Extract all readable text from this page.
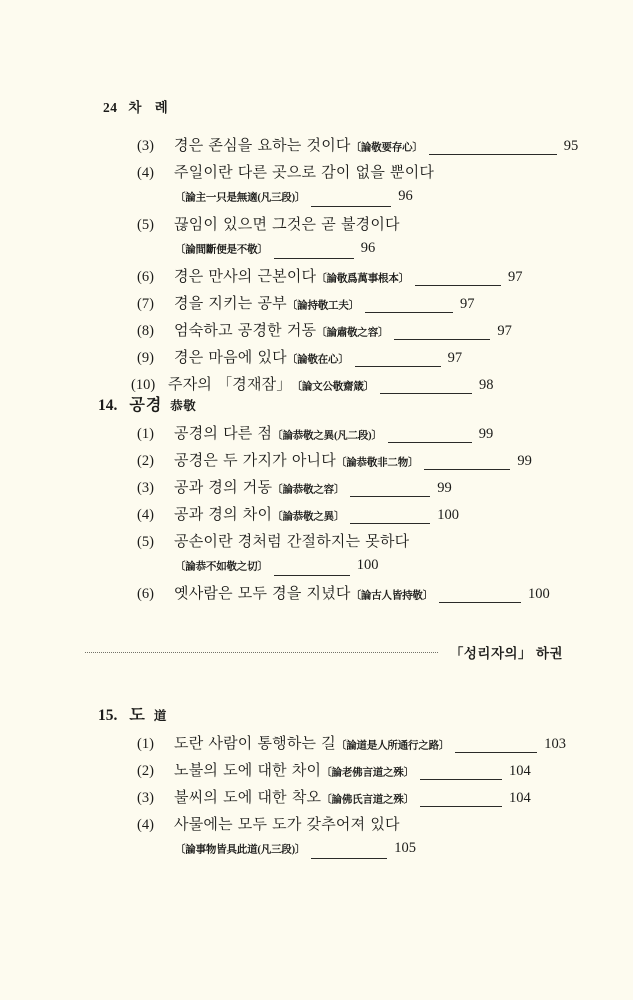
24 차 례
(3)	경은 존심을 요하는 것이다 〔論敬要存心〕	95
(4)	주일이란 다른 곳으로 감이 없을 뿐이다
〔論主一只是無適(凡三段)〕	96
(5)	끊임이 있으면 그것은 곧 불경이다
〔論間斷便是不敬〕	96
(6)	경은 만사의 근본이다 〔論敬爲萬事根本〕	97
(7)	경을 지키는 공부 〔論持敬工夫〕	97
(8)	엄숙하고 공경한 거동 〔論肅敬之容〕	97
(9)	경은 마음에 있다 〔論敬在心〕	97
(10) 주자의 「경재잠」 〔論文公敬齋箴〕	98
14. 공경 恭敬
(1)	공경의 다른 점 〔論恭敬之異(凡二段)〕	99
(2)	공경은 두 가지가 아니다 〔論恭敬非二物〕	99
(3)	공과 경의 거동 〔論恭敬之容〕	99
(4)	공과 경의 차이 〔論恭敬之異〕	100
(5)	공손이란 경처럼 간절하지는 못하다
〔論恭不如敬之切〕	100
(6)	옛사람은 모두 경을 지녔다 〔論古人皆持敬〕	100
「성리자의」 하권
15. 도 道
(1)	도란 사람이 통행하는 길 〔論道是人所通行之路〕	103
(2)	노불의 도에 대한 차이 〔論老佛言道之殊〕	104
(3)	불씨의 도에 대한 착오 〔論佛氏言道之殊〕	104
(4)	사물에는 모두 도가 갖추어져 있다
〔論事物皆具此道(凡三段)〕	105
